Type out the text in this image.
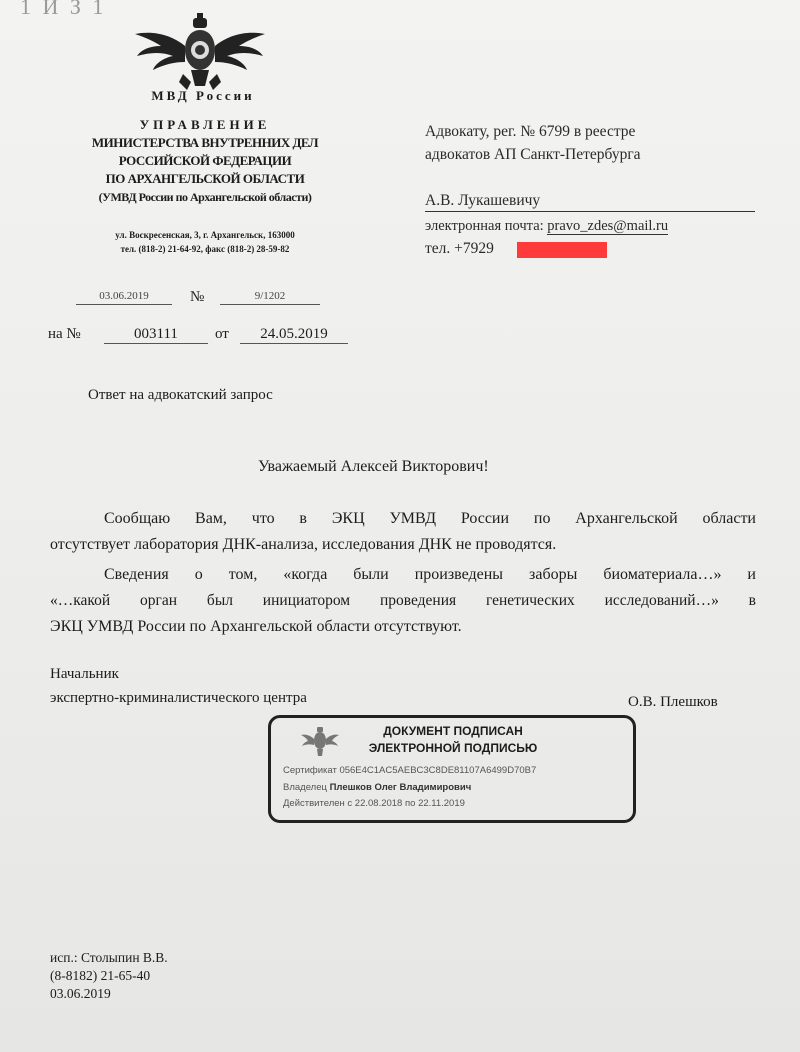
1 И З 1
МВД России
УПРАВЛЕНИЕ
МИНИСТЕРСТВА ВНУТРЕННИХ ДЕЛ
РОССИЙСКОЙ ФЕДЕРАЦИИ
ПО АРХАНГЕЛЬСКОЙ ОБЛАСТИ
(УМВД России по Архангельской области)
ул. Воскресенская, 3, г. Архангельск, 163000
тел. (818-2) 21-64-92, факс (818-2) 28-59-82
03.06.2019	№	9/1202
на №	003111	от	24.05.2019
Адвокату, рег. № 6799 в реестре
адвокатов АП Санкт-Петербурга
А.В. Лукашевичу
электронная почта: pravo_zdes@mail.ru
тел. +7929
Ответ на адвокатский запрос
Уважаемый Алексей Викторович!
Сообщаю Вам, что в ЭКЦ УМВД России по Архангельской области
отсутствует лаборатория ДНК-анализа, исследования ДНК не проводятся.
Сведения о том, «когда были произведены заборы биоматериала…» и
«…какой орган был инициатором проведения генетических исследований…» в
ЭКЦ УМВД России по Архангельской области отсутствуют.
Начальник
экспертно-криминалистического центра	О.В. Плешков
ДОКУМЕНТ ПОДПИСАН
ЭЛЕКТРОННОЙ ПОДПИСЬЮ
Сертификат 056E4C1AC5AEBC3C8DE81107A6499D70B7
Владелец Плешков Олег Владимирович
Действителен с 22.08.2018 по 22.11.2019
исп.: Столыпин В.В.
(8-8182) 21-65-40
03.06.2019
